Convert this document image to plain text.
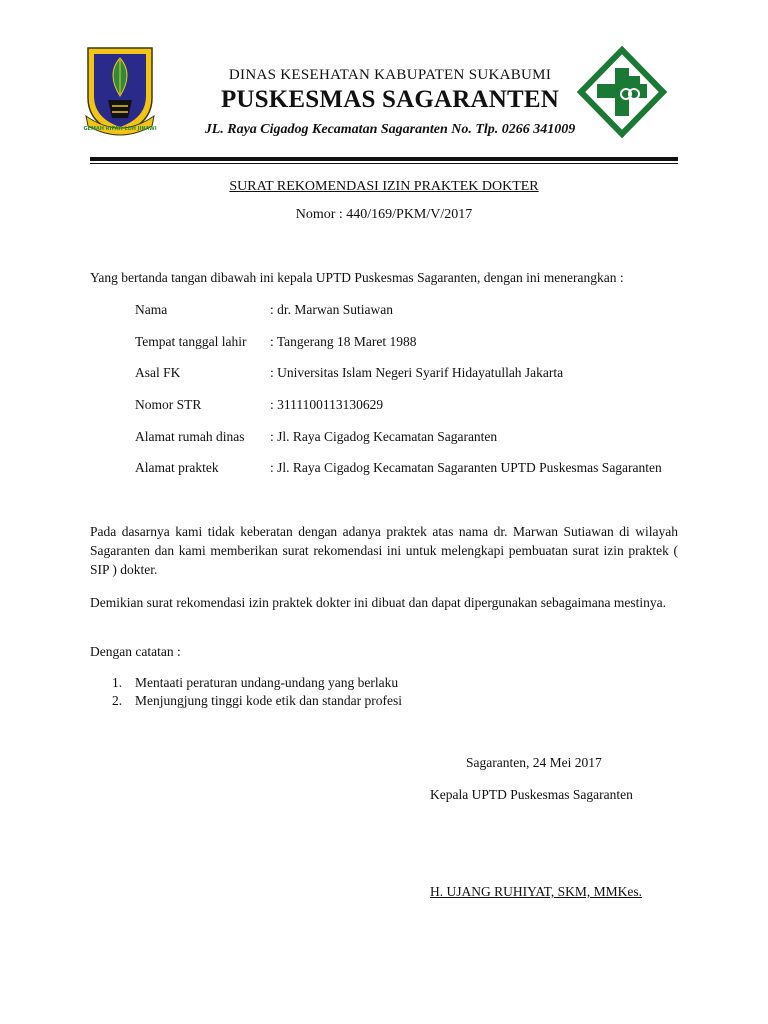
GEMAH RIPAH LOH JINAWI
DINAS KESEHATAN KABUPATEN SUKABUMI
PUSKESMAS SAGARANTEN
JL. Raya Cigadog Kecamatan Sagaranten No. Tlp. 0266 341009
SURAT REKOMENDASI IZIN PRAKTEK DOKTER
Nomor : 440/169/PKM/V/2017
Yang bertanda tangan dibawah ini kepala UPTD Puskesmas Sagaranten, dengan ini menerangkan :
Nama	: dr. Marwan Sutiawan
Tempat tanggal lahir : Tangerang 18 Maret 1988
Asal FK	: Universitas Islam Negeri Syarif Hidayatullah Jakarta
Nomor STR	: 3111100113130629
Alamat rumah dinas : Jl. Raya Cigadog Kecamatan Sagaranten
Alamat praktek	: Jl. Raya Cigadog Kecamatan Sagaranten UPTD Puskesmas Sagaranten
Pada dasarnya kami tidak keberatan dengan adanya praktek atas nama dr. Marwan Sutiawan di wilayah Sagaranten dan kami memberikan surat rekomendasi ini untuk melengkapi pembuatan surat izin praktek ( SIP ) dokter.
Demikian surat rekomendasi izin praktek dokter ini dibuat dan dapat dipergunakan sebagaimana mestinya.
Dengan catatan :
1. Mentaati peraturan undang-undang yang berlaku
2. Menjungjung tinggi kode etik dan standar profesi
Sagaranten, 24 Mei 2017
Kepala UPTD Puskesmas Sagaranten
H. UJANG RUHIYAT, SKM, MMKes.
